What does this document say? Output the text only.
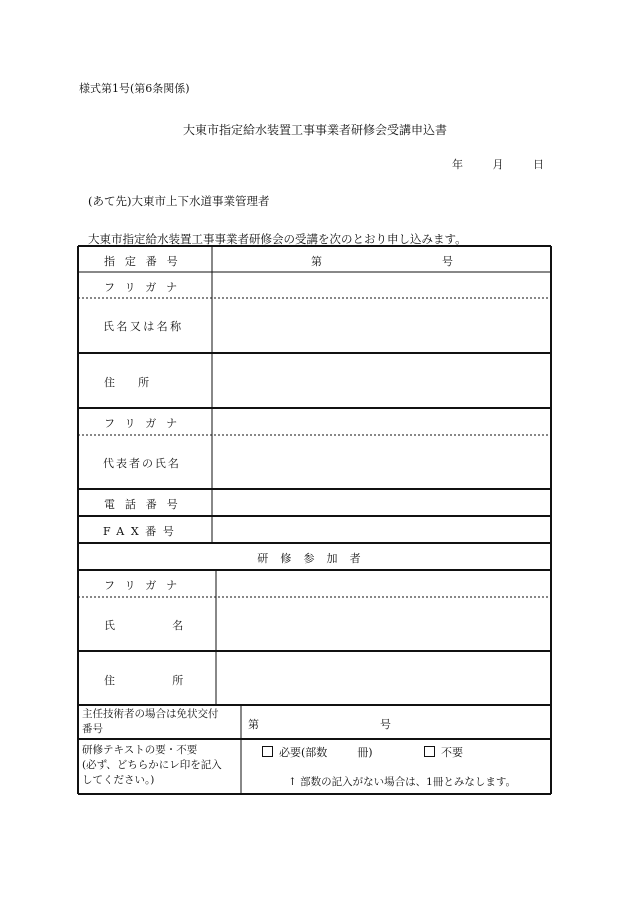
様式第1号(第6条関係)
大東市指定給水装置工事事業者研修会受講申込書
年	月	日
(あて先)大東市上下水道事業管理者
大東市指定給水装置工事事業者研修会の受講を次のとおり申し込みます。
指定番号	第	号
フリガナ
氏名又は名称
住所
フリガナ
代表者の氏名
電話番号
FAX番号
研修参加者
フリガナ
氏名
住所
主任技術者の場合は免状交付
番号	第	号
研修テキストの要・不要
(必ず、どちらかにレ印を記入
してください。)
必要(部数	冊)	不要
↑ 部数の記入がない場合は、1冊とみなします。
